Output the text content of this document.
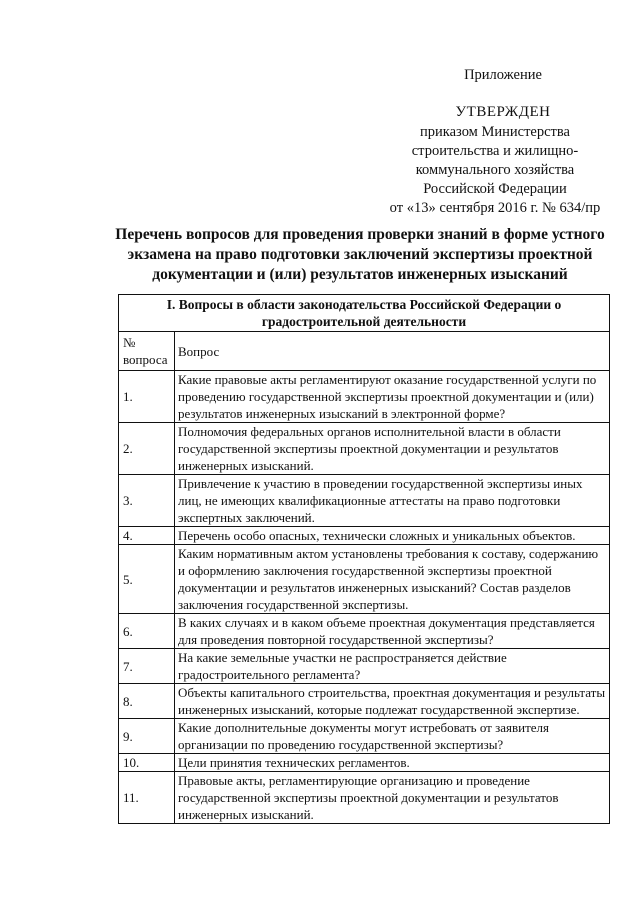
Приложение
УТВЕРЖДЕН
приказом Министерства
строительства и жилищно-
коммунального хозяйства
Российской Федерации
от «13» сентября 2016 г. № 634/пр
Перечень вопросов для проведения проверки знаний в форме устного экзамена на право подготовки заключений экспертизы проектной документации и (или) результатов инженерных изысканий
I. Вопросы в области законодательства Российской Федерации о градостроительной деятельности	
№ вопроса	Вопрос
1.	Какие правовые акты регламентируют оказание государственной услуги по проведению государственной экспертизы проектной документации и (или) результатов инженерных изысканий в электронной форме?
2.	Полномочия федеральных органов исполнительной власти в области государственной экспертизы проектной документации и результатов инженерных изысканий.
3.	Привлечение к участию в проведении государственной экспертизы иных лиц, не имеющих квалификационные аттестаты на право подготовки экспертных заключений.
4.	Перечень особо опасных, технически сложных и уникальных объектов.
5.	Каким нормативным актом установлены требования к составу, содержанию и оформлению заключения государственной экспертизы проектной документации и результатов инженерных изысканий? Состав разделов заключения государственной экспертизы.
6.	В каких случаях и в каком объеме проектная документация представляется для проведения повторной государственной экспертизы?
7.	На какие земельные участки не распространяется действие градостроительного регламента?
8.	Объекты капитального строительства, проектная документация и результаты инженерных изысканий, которые подлежат государственной экспертизе.
9.	Какие дополнительные документы могут истребовать от заявителя организации по проведению государственной экспертизы?
10.	Цели принятия технических регламентов.
11.	Правовые акты, регламентирующие организацию и проведение государственной экспертизы проектной документации и результатов инженерных изысканий.
